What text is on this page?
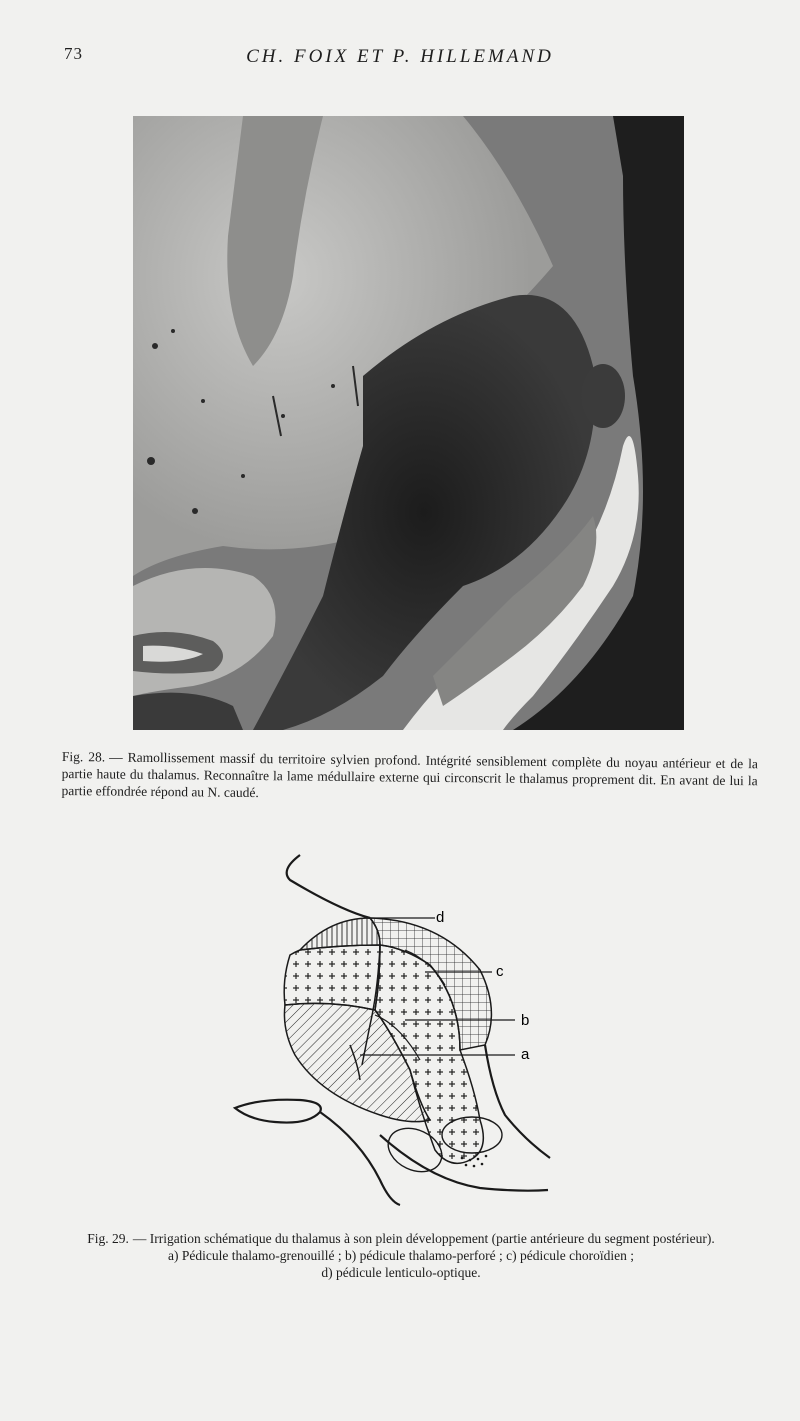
73	CH. FOIX ET P. HILLEMAND
Fig. 28. — Ramollissement massif du territoire sylvien profond. Intégrité sensiblement complète du noyau antérieur et de la partie haute du thalamus. Reconnaître la lame médullaire externe qui circonscrit le thalamus proprement dit. En avant de lui la partie effondrée répond au N. caudé.
d
c
b
a
Fig. 29. — Irrigation schématique du thalamus à son plein développement (partie antérieure du segment postérieur).
a) Pédicule thalamo-grenouillé ; b) pédicule thalamo-perforé ; c) pédicule choroïdien ;
d) pédicule lenticulo-optique.
